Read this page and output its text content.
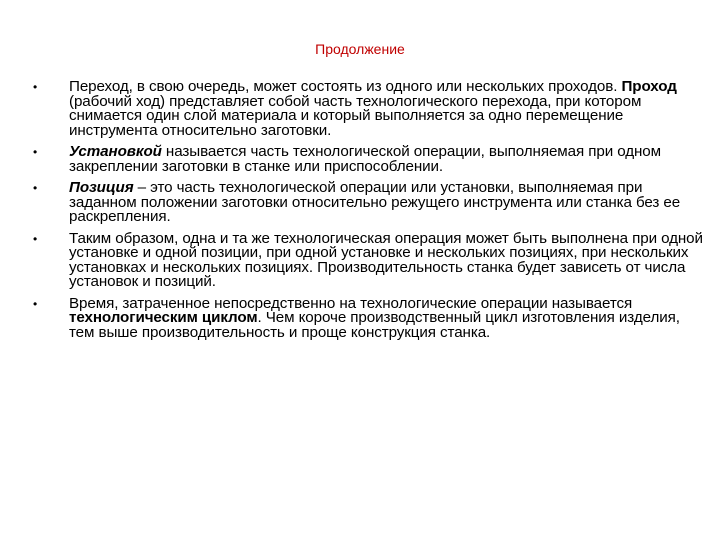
Продолжение
•	Переход, в свою очередь, может состоять из одного или нескольких проходов. Проход (рабочий ход) представляет собой часть технологического перехода, при котором снимается один слой материала и который выполняется за одно перемещение инструмента относительно заготовки.
•	Установкой называется часть технологической операции, выполняемая при одном закреплении заготовки в станке или приспособлении.
•	Позиция – это часть технологической операции или установки, выполняемая при заданном положении заготовки относительно режущего инструмента или станка без ее раскрепления.
•	Таким образом, одна и та же технологическая операция может быть выполнена при одной установке и одной позиции, при одной установке и нескольких позициях, при нескольких установках и нескольких позициях. Производительность станка будет зависеть от числа установок и позиций.
•	Время, затраченное непосредственно на технологические операции называется технологическим циклом. Чем короче производственный цикл изготовления изделия, тем выше производительность и проще конструкция станка.
